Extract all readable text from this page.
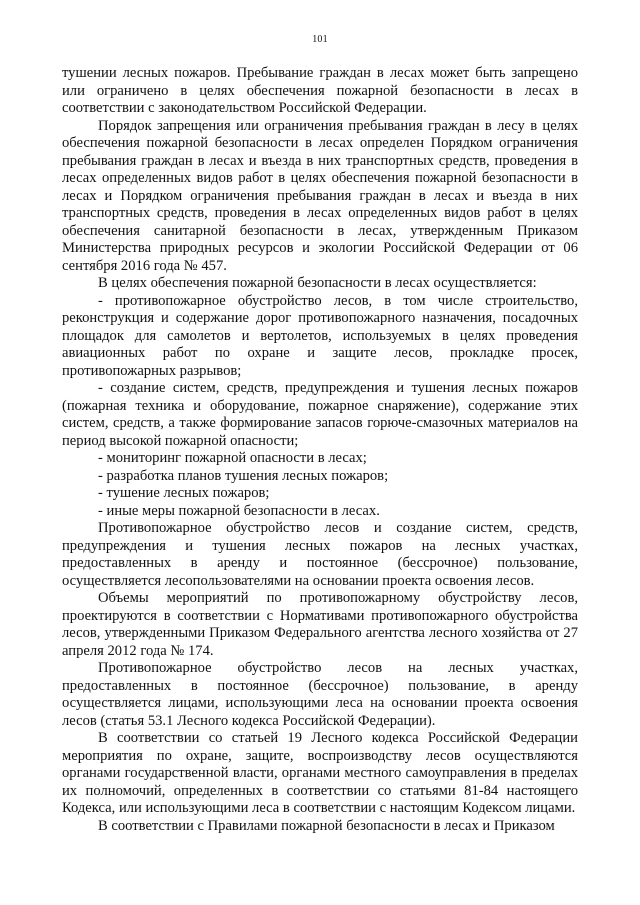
101

тушении лесных пожаров. Пребывание граждан в лесах может быть запрещено или ограничено в целях обеспечения пожарной безопасности в лесах в соответствии с законодательством Российской Федерации.

Порядок запрещения или ограничения пребывания граждан в лесу в целях обеспечения пожарной безопасности в лесах определен Порядком ограничения пребывания граждан в лесах и въезда в них транспортных средств, проведения в лесах определенных видов работ в целях обеспечения пожарной безопасности в лесах и Порядком ограничения пребывания граждан в лесах и въезда в них транспортных средств, проведения в лесах определенных видов работ в целях обеспечения санитарной безопасности в лесах, утвержденным Приказом Министерства природных ресурсов и экологии Российской Федерации от 06 сентября 2016 года № 457.

В целях обеспечения пожарной безопасности в лесах осуществляется:

- противопожарное обустройство лесов, в том числе строительство, реконструкция и содержание дорог противопожарного назначения, посадочных площадок для самолетов и вертолетов, используемых в целях проведения авиационных работ по охране и защите лесов, прокладке просек, противопожарных разрывов;

- создание систем, средств, предупреждения и тушения лесных пожаров (пожарная техника и оборудование, пожарное снаряжение), содержание этих систем, средств, а также формирование запасов горюче-смазочных материалов на период высокой пожарной опасности;

- мониторинг пожарной опасности в лесах;

- разработка планов тушения лесных пожаров;

- тушение лесных пожаров;

- иные меры пожарной безопасности в лесах.

Противопожарное обустройство лесов и создание систем, средств, предупреждения и тушения лесных пожаров на лесных участках, предоставленных в аренду и постоянное (бессрочное) пользование, осуществляется лесопользователями на основании проекта освоения лесов.

Объемы мероприятий по противопожарному обустройству лесов, проектируются в соответствии с Нормативами противопожарного обустройства лесов, утвержденными Приказом Федерального агентства лесного хозяйства от 27 апреля 2012 года № 174.

Противопожарное обустройство лесов на лесных участках, предоставленных в постоянное (бессрочное) пользование, в аренду осуществляется лицами, использующими леса на основании проекта освоения лесов (статья 53.1 Лесного кодекса Российской Федерации).

В соответствии со статьей 19 Лесного кодекса Российской Федерации мероприятия по охране, защите, воспроизводству лесов осуществляются органами государственной власти, органами местного самоуправления в пределах их полномочий, определенных в соответствии со статьями 81-84 настоящего Кодекса, или использующими леса в соответствии с настоящим Кодексом лицами.

В соответствии с Правилами пожарной безопасности в лесах и Приказом
